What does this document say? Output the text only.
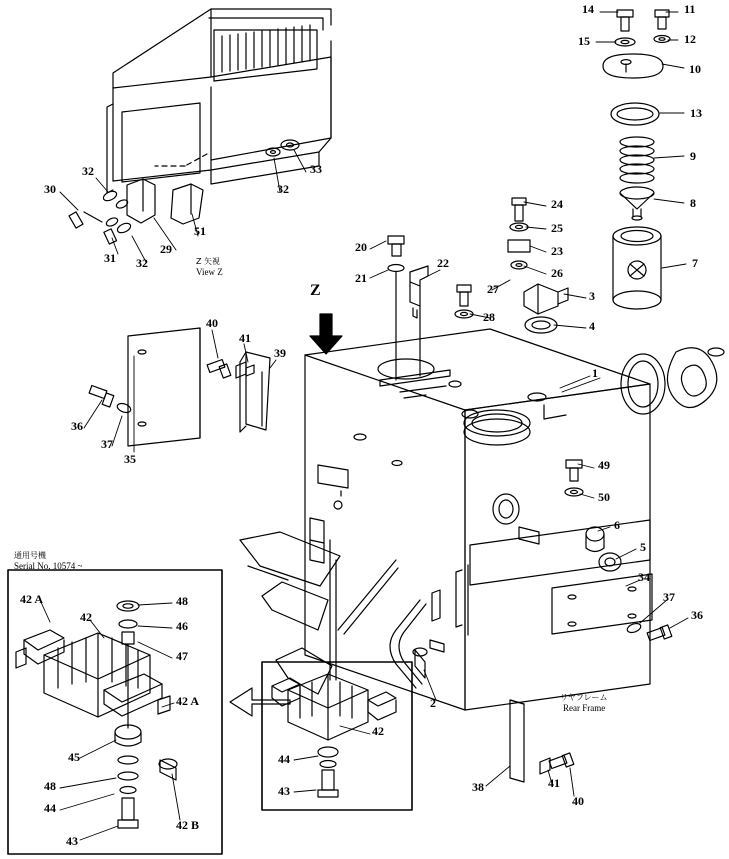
14	11
15	12
10
13
9
8
7
32	33
32
30
29
51
31 32
24
25
23
26
27
28
20
21
22
3
4
1
40
41
39
36
37
35	49
50
6
5
34
37
36
42 A	48
42
46
47
42 A
45
48
44
43
42 B
44
43
42
2
38	41
40
Z
通用号機
Serial No. 10574 ~
リヤフレーム
Rear Frame
Z 矢視
View Z
